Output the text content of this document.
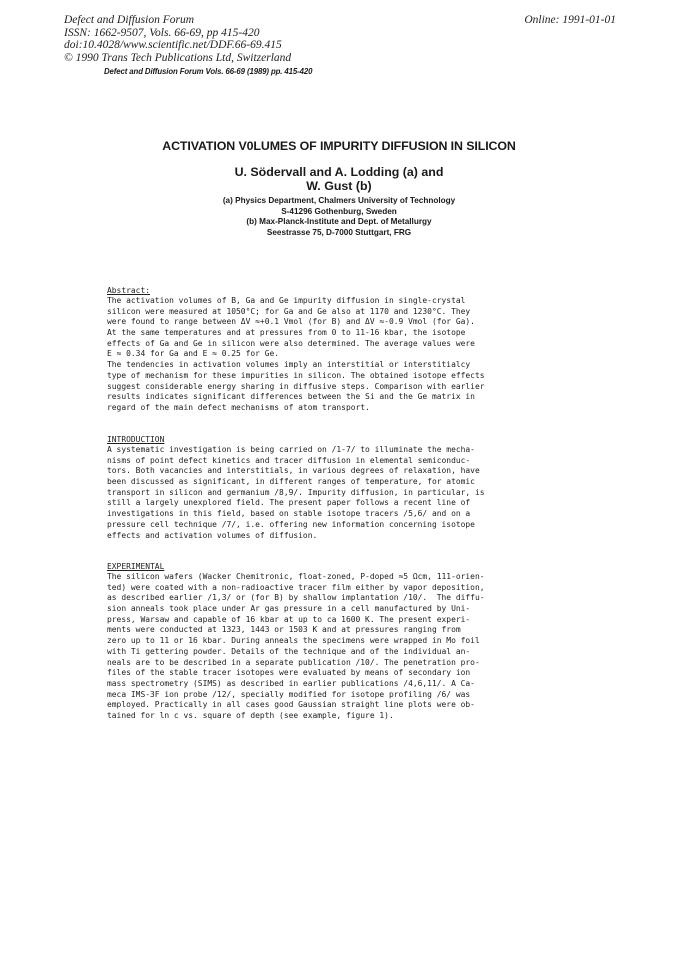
Defect and Diffusion Forum
ISSN: 1662-9507, Vols. 66-69, pp 415-420
doi:10.4028/www.scientific.net/DDF.66-69.415
© 1990 Trans Tech Publications Ltd, Switzerland
Online: 1991-01-01
Defect and Diffusion Forum Vols. 66-69 (1989) pp. 415-420
ACTIVATION V0LUMES OF IMPURITY DIFFUSION IN SILICON
U. Södervall and A. Lodding (a) and
W. Gust (b)
(a) Physics Department, Chalmers University of Technology
S-41296 Gothenburg, Sweden
(b) Max-Planck-Institute and Dept. of Metallurgy
Seestrasse 75, D-7000 Stuttgart, FRG
Abstract:
The activation volumes of B, Ga and Ge impurity diffusion in single-crystal
silicon were measured at 1050°C; for Ga and Ge also at 1170 and 1230°C. They
were found to range between ΔV ≈+0.1 Vmol (for B) and ΔV ≈-0.9 Vmol (for Ga).
At the same temperatures and at pressures from 0 to 11-16 kbar, the isotope
effects of Ga and Ge in silicon were also determined. The average values were
E ≈ 0.34 for Ga and E ≈ 0.25 for Ge.
The tendencies in activation volumes imply an interstitial or interstitialcy
type of mechanism for these impurities in silicon. The obtained isotope effects
suggest considerable energy sharing in diffusive steps. Comparison with earlier
results indicates significant differences between the Si and the Ge matrix in
regard of the main defect mechanisms of atom transport.
INTRODUCTION
A systematic investigation is being carried on /1-7/ to illuminate the mecha-
nisms of point defect kinetics and tracer diffusion in elemental semiconduc-
tors. Both vacancies and interstitials, in various degrees of relaxation, have
been discussed as significant, in different ranges of temperature, for atomic
transport in silicon and germanium /8,9/. Impurity diffusion, in particular, is
still a largely unexplored field. The present paper follows a recent line of
investigations in this field, based on stable isotope tracers /5,6/ and on a
pressure cell technique /7/, i.e. offering new information concerning isotope
effects and activation volumes of diffusion.
EXPERIMENTAL
The silicon wafers (Wacker Chemitronic, float-zoned, P-doped ≈5 Ωcm, 111-orien-
ted) were coated with a non-radioactive tracer film either by vapor deposition,
as described earlier /1,3/ or (for B) by shallow implantation /10/.  The diffu-
sion anneals took place under Ar gas pressure in a cell manufactured by Uni-
press, Warsaw and capable of 16 kbar at up to ca 1600 K. The present experi-
ments were conducted at 1323, 1443 or 1503 K and at pressures ranging from
zero up to 11 or 16 kbar. During anneals the specimens were wrapped in Mo foil
with Ti gettering powder. Details of the technique and of the individual an-
neals are to be described in a separate publication /10/. The penetration pro-
files of the stable tracer isotopes were evaluated by means of secondary ion
mass spectrometry (SIMS) as described in earlier publications /4,6,11/. A Ca-
meca IMS-3F ion probe /12/, specially modified for isotope profiling /6/ was
employed. Practically in all cases good Gaussian straight line plots were ob-
tained for ln c vs. square of depth (see example, figure 1).
